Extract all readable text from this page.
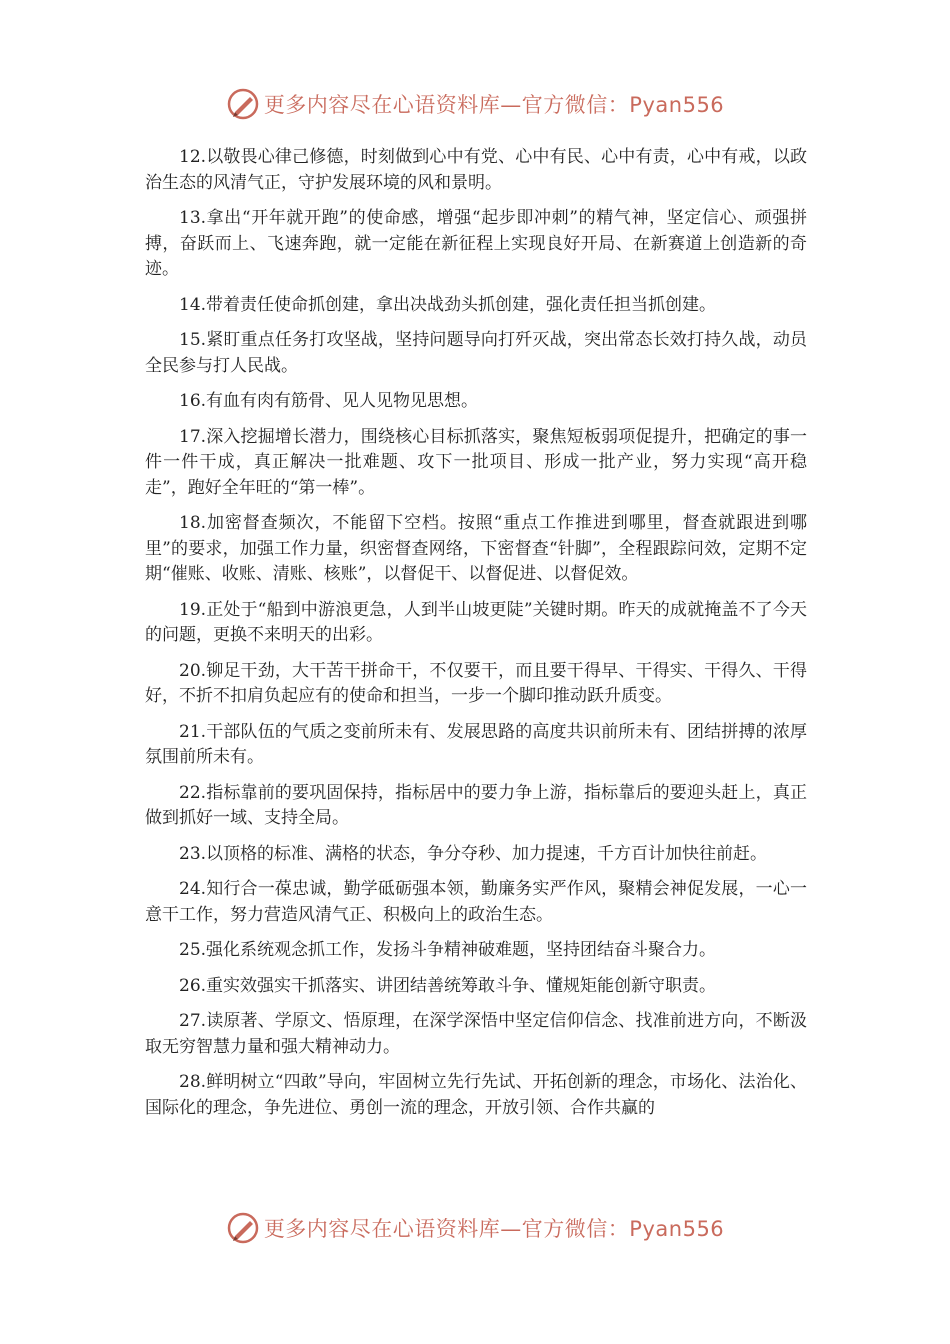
更多内容尽在心语资料库—官方微信：Pyan556

12.以敬畏心律己修德，时刻做到心中有党、心中有民、心中有责，心中有戒，以政治生态的风清气正，守护发展环境的风和景明。

13.拿出“开年就开跑”的使命感，增强“起步即冲刺”的精气神，坚定信心、顽强拼搏，奋跃而上、飞速奔跑，就一定能在新征程上实现良好开局、在新赛道上创造新的奇迹。

14.带着责任使命抓创建，拿出决战劲头抓创建，强化责任担当抓创建。

15.紧盯重点任务打攻坚战，坚持问题导向打歼灭战，突出常态长效打持久战，动员全民参与打人民战。

16.有血有肉有筋骨、见人见物见思想。

17.深入挖掘增长潜力，围绕核心目标抓落实，聚焦短板弱项促提升，把确定的事一件一件干成，真正解决一批难题、攻下一批项目、形成一批产业，努力实现“高开稳走”，跑好全年旺的“第一棒”。

18.加密督查频次，不能留下空档。按照“重点工作推进到哪里，督查就跟进到哪里”的要求，加强工作力量，织密督查网络，下密督查“针脚”，全程跟踪问效，定期不定期“催账、收账、清账、核账”，以督促干、以督促进、以督促效。

19.正处于“船到中游浪更急，人到半山坡更陡”关键时期。昨天的成就掩盖不了今天的问题，更换不来明天的出彩。

20.铆足干劲，大干苦干拼命干，不仅要干，而且要干得早、干得实、干得久、干得好，不折不扣肩负起应有的使命和担当，一步一个脚印推动跃升质变。

21.干部队伍的气质之变前所未有、发展思路的高度共识前所未有、团结拼搏的浓厚氛围前所未有。

22.指标靠前的要巩固保持，指标居中的要力争上游，指标靠后的要迎头赶上，真正做到抓好一域、支持全局。

23.以顶格的标准、满格的状态，争分夺秒、加力提速，千方百计加快往前赶。

24.知行合一葆忠诚，勤学砥砺强本领，勤廉务实严作风，聚精会神促发展，一心一意干工作，努力营造风清气正、积极向上的政治生态。

25.强化系统观念抓工作，发扬斗争精神破难题，坚持团结奋斗聚合力。

26.重实效强实干抓落实、讲团结善统筹敢斗争、懂规矩能创新守职责。

27.读原著、学原文、悟原理，在深学深悟中坚定信仰信念、找准前进方向，不断汲取无穷智慧力量和强大精神动力。

28.鲜明树立“四敢”导向，牢固树立先行先试、开拓创新的理念，市场化、法治化、国际化的理念，争先进位、勇创一流的理念，开放引领、合作共赢的

更多内容尽在心语资料库—官方微信：Pyan556
